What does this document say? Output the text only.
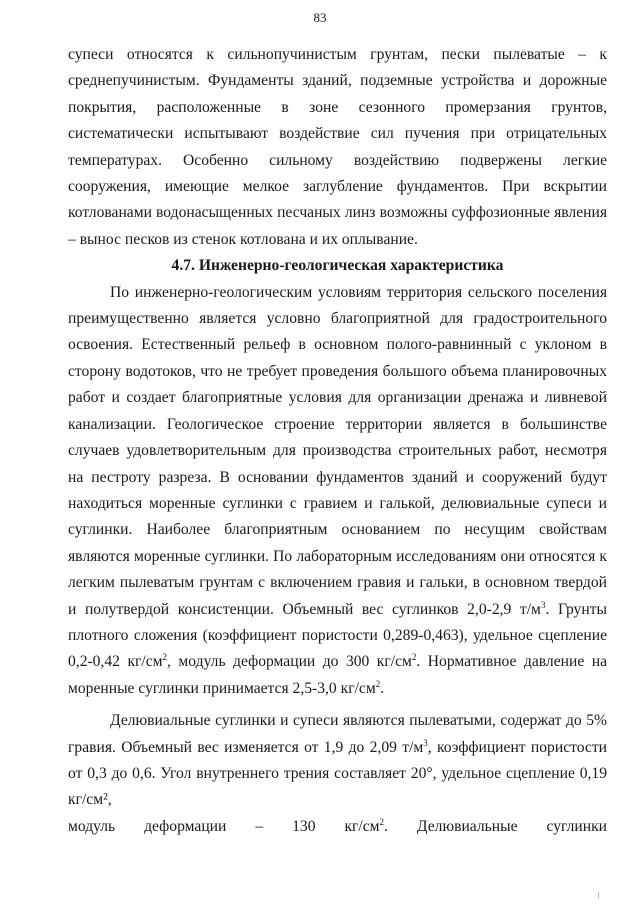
83

супеси относятся к сильнопучинистым грунтам, пески пылеватые – к среднепучинистым. Фундаменты зданий, подземные устройства и дорожные покрытия, расположенные в зоне сезонного промерзания грунтов, систематически испытывают воздействие сил пучения при отрицательных температурах. Особенно сильному воздействию подвержены легкие сооружения, имеющие мелкое заглубление фундаментов. При вскрытии котлованами водонасыщенных песчаных линз возможны суффозионные явления – вынос песков из стенок котлована и их оплывание.

4.7. Инженерно-геологическая характеристика

По инженерно-геологическим условиям территория сельского поселения преимущественно является условно благоприятной для градостроительного освоения. Естественный рельеф в основном полого-равнинный с уклоном в сторону водотоков, что не требует проведения большого объема планировочных работ и создает благоприятные условия для организации дренажа и ливневой канализации. Геологическое строение территории является в большинстве случаев удовлетворительным для производства строительных работ, несмотря на пестроту разреза. В основании фундаментов зданий и сооружений будут находиться моренные суглинки с гравием и галькой, делювиальные супеси и суглинки. Наиболее благоприятным основанием по несущим свойствам являются моренные суглинки. По лабораторным исследованиям они относятся к легким пылеватым грунтам с включением гравия и гальки, в основном твердой и полутвердой консистенции. Объемный вес суглинков 2,0-2,9 $т/м^3$. Грунты плотного сложения (коэффициент пористости 0,289-0,463), удельное сцепление 0,2-0,42 $кг/см^2$, модуль деформации до 300 $кг/см^2$. Нормативное давление на моренные суглинки принимается 2,5-3,0 $кг/см^2$.

Делювиальные суглинки и супеси являются пылеватыми, содержат до 5% гравия. Объемный вес изменяется от 1,9 до 2,09 $т/м^3$, коэффициент пористости от 0,3 до 0,6. Угол внутреннего трения составляет 20°, удельное сцепление 0,19 кг/см²,

модуль деформации – 130 $кг/см^2$. Делювиальные суглинки
